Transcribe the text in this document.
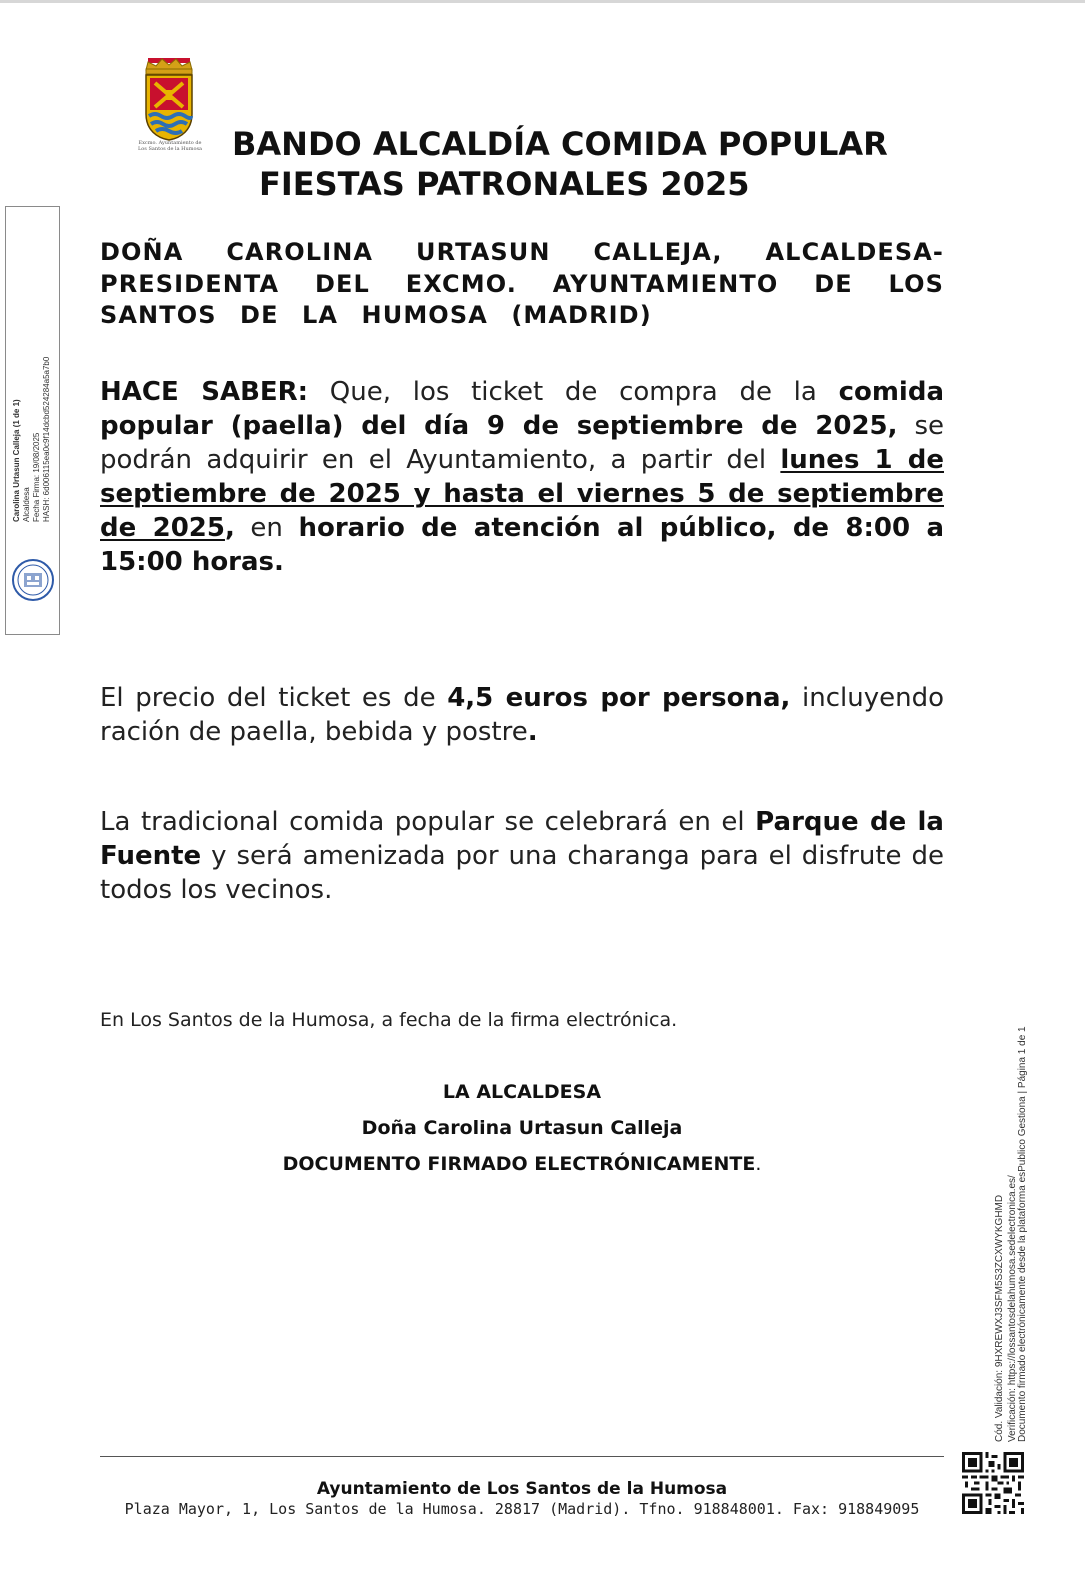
Excmo. Ayuntamiento de
Los Santos de la Humosa BANDO ALCALDÍA COMIDA POPULAR
FIESTAS PATRONALES 2025
Carolina Urtasun Calleja (1 de 1) Alcaldesa Fecha Firma: 19/08/2025 HASH: 6d006115ea0c9f14dcbd524284a5a7b0
DOÑA CAROLINA URTASUN CALLEJA, ALCALDESA-PRESIDENTA DEL EXCMO. AYUNTAMIENTO DE LOS SANTOS DE LA HUMOSA (MADRID)
HACE SABER: Que, los ticket de compra de la comida popular (paella) del día 9 de septiembre de 2025, se podrán adquirir en el Ayuntamiento, a partir del lunes 1 de septiembre de 2025 y hasta el viernes 5 de septiembre de 2025, en horario de atención al público, de 8:00 a 15:00 horas.
El precio del ticket es de 4,5 euros por persona, incluyendo ración de paella, bebida y postre.
La tradicional comida popular se celebrará en el Parque de la Fuente y será amenizada por una charanga para el disfrute de todos los vecinos.
En Los Santos de la Humosa, a fecha de la firma electrónica.
LA ALCALDESA
Doña Carolina Urtasun Calleja
DOCUMENTO FIRMADO ELECTRÓNICAMENTE.
Cód. Validación: 9HXREWXJ3SFM5S3ZCXWYKGHMD Verificación: https://lossantosdelahumosa.sedelectronica.es/ Documento firmado electrónicamente desde la plataforma esPublico Gestiona | Página 1 de 1
Ayuntamiento de Los Santos de la Humosa
Plaza Mayor, 1, Los Santos de la Humosa. 28817 (Madrid). Tfno. 918848001. Fax: 918849095
